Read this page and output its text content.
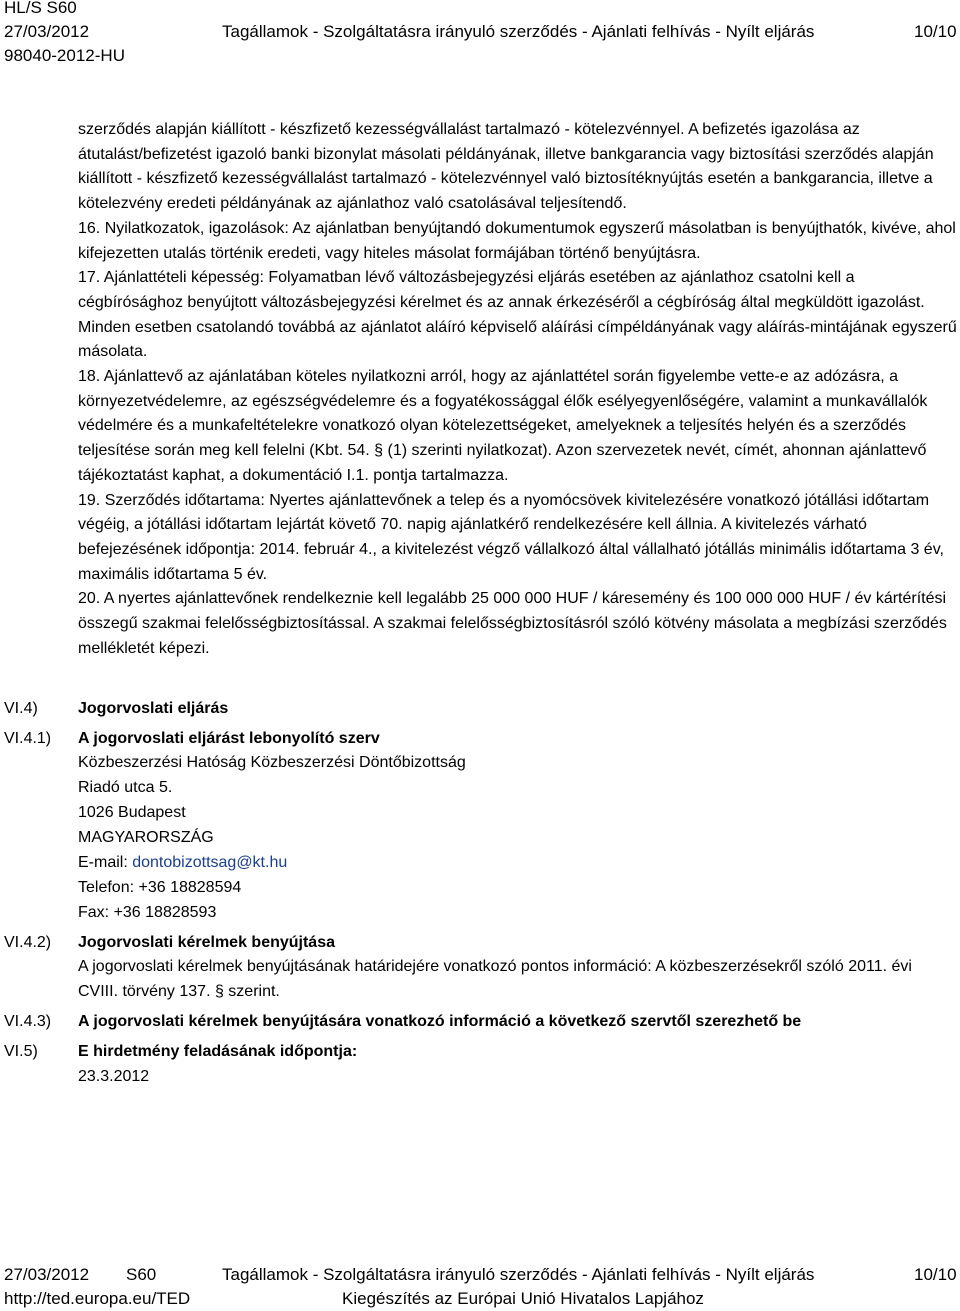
HL/S S60
27/03/2012
98040-2012-HU
Tagállamok - Szolgáltatásra irányuló szerződés - Ajánlati felhívás - Nyílt eljárás	10/10

szerződés alapján kiállított - készfizető kezességvállalást tartalmazó - kötelezvénnyel. A befizetés igazolása az átutalást/befizetést igazoló banki bizonylat másolati példányának, illetve bankgarancia vagy biztosítási szerződés alapján kiállított - készfizető kezességvállalást tartalmazó - kötelezvénnyel való biztosítéknyújtás esetén a bankgarancia, illetve a kötelezvény eredeti példányának az ajánlathoz való csatolásával teljesítendő.

16. Nyilatkozatok, igazolások: Az ajánlatban benyújtandó dokumentumok egyszerű másolatban is benyújthatók, kivéve, ahol kifejezetten utalás történik eredeti, vagy hiteles másolat formájában történő benyújtásra.

17. Ajánlattételi képesség: Folyamatban lévő változásbejegyzési eljárás esetében az ajánlathoz csatolni kell a cégbírósághoz benyújtott változásbejegyzési kérelmet és az annak érkezéséről a cégbíróság által megküldött igazolást. Minden esetben csatolandó továbbá az ajánlatot aláíró képviselő aláírási címpéldányának vagy aláírás-mintájának egyszerű másolata.

18. Ajánlattevő az ajánlatában köteles nyilatkozni arról, hogy az ajánlattétel során figyelembe vette-e az adózásra, a környezetvédelemre, az egészségvédelemre és a fogyatékossággal élők esélyegyenlőségére, valamint a munkavállalók védelmére és a munkafeltételekre vonatkozó olyan kötelezettségeket, amelyeknek a teljesítés helyén és a szerződés teljesítése során meg kell felelni (Kbt. 54. § (1) szerinti nyilatkozat). Azon szervezetek nevét, címét, ahonnan ajánlattevő tájékoztatást kaphat, a dokumentáció I.1. pontja tartalmazza.

19. Szerződés időtartama: Nyertes ajánlattevőnek a telep és a nyomócsövek kivitelezésére vonatkozó jótállási időtartam végéig, a jótállási időtartam lejártát követő 70. napig ajánlatkérő rendelkezésére kell állnia. A kivitelezés várható befejezésének időpontja: 2014. február 4., a kivitelezést végző vállalkozó által vállalható jótállás minimális időtartama 3 év, maximális időtartama 5 év.

20. A nyertes ajánlattevőnek rendelkeznie kell legalább 25 000 000 HUF / káresemény és 100 000 000 HUF / év kártérítési összegű szakmai felelősségbiztosítással. A szakmai felelősségbiztosításról szóló kötvény másolata a megbízási szerződés mellékletét képezi.

VI.4)	Jogorvoslati eljárás
VI.4.1) A jogorvoslati eljárást lebonyolító szerv
Közbeszerzési Hatóság Közbeszerzési Döntőbizottság
Riadó utca 5.
1026 Budapest
MAGYARORSZÁG
E-mail: dontobizottsag@kt.hu
Telefon: +36 18828594
Fax: +36 18828593
VI.4.2) Jogorvoslati kérelmek benyújtása
A jogorvoslati kérelmek benyújtásának határidejére vonatkozó pontos információ: A közbeszerzésekről szóló 2011. évi CVIII. törvény 137. § szerint.
VI.4.3) A jogorvoslati kérelmek benyújtására vonatkozó információ a következő szervtől szerezhető be
VI.5)	E hirdetmény feladásának időpontja:
23.3.2012
27/03/2012 S60	Tagállamok - Szolgáltatásra irányuló szerződés - Ajánlati felhívás - Nyílt eljárás	10/10
http://ted.europa.eu/TED	Kiegészítés az Európai Unió Hivatalos Lapjához
